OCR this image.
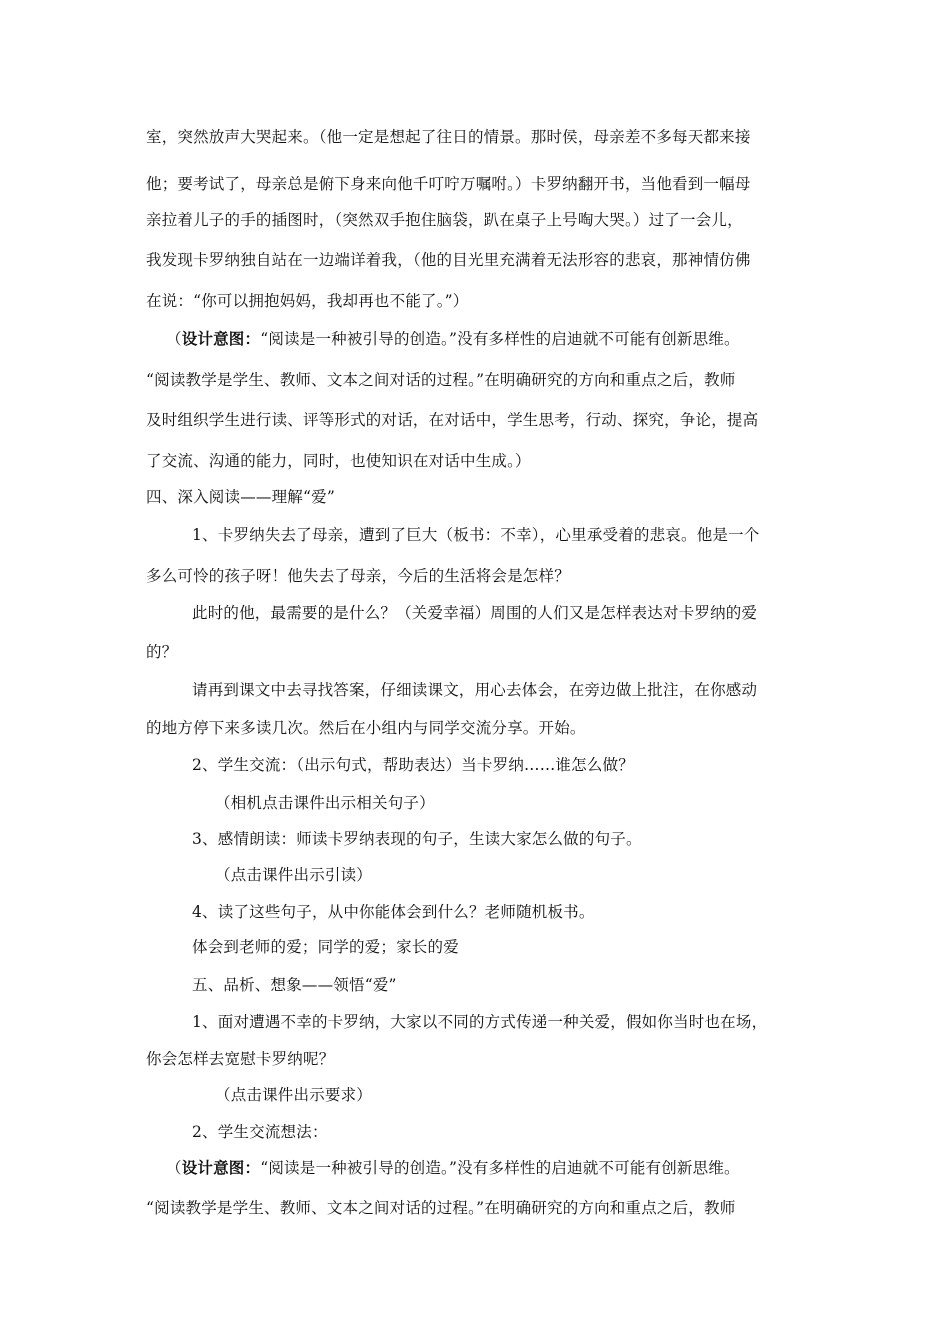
室，突然放声大哭起来。（他一定是想起了往日的情景。那时侯，母亲差不多每天都来接
他；要考试了，母亲总是俯下身来向他千叮咛万嘱咐。）卡罗纳翻开书，当他看到一幅母
亲拉着儿子的手的插图时，（突然双手抱住脑袋，趴在桌子上号啕大哭。）过了一会儿，
我发现卡罗纳独自站在一边端详着我，（他的目光里充满着无法形容的悲哀，那神情仿佛
在说：“你可以拥抱妈妈，我却再也不能了。”）
（设计意图：“阅读是一种被引导的创造。”没有多样性的启迪就不可能有创新思维。
“阅读教学是学生、教师、文本之间对话的过程。”在明确研究的方向和重点之后，教师
及时组织学生进行读、评等形式的对话，在对话中，学生思考，行动、探究，争论，提高
了交流、沟通的能力，同时，也使知识在对话中生成。）
四、深入阅读——理解“爱”
1、卡罗纳失去了母亲，遭到了巨大（板书：不幸），心里承受着的悲哀。他是一个
多么可怜的孩子呀！他失去了母亲，今后的生活将会是怎样？
此时的他，最需要的是什么？（关爱幸福）周围的人们又是怎样表达对卡罗纳的爱
的？
请再到课文中去寻找答案，仔细读课文，用心去体会，在旁边做上批注，在你感动
的地方停下来多读几次。然后在小组内与同学交流分享。开始。
2、学生交流：（出示句式，帮助表达）当卡罗纳……谁怎么做？
（相机点击课件出示相关句子）
3、感情朗读：师读卡罗纳表现的句子，生读大家怎么做的句子。
（点击课件出示引读）
4、读了这些句子，从中你能体会到什么？老师随机板书。
体会到老师的爱；同学的爱；家长的爱
五、品析、想象——领悟“爱”
1、面对遭遇不幸的卡罗纳，大家以不同的方式传递一种关爱，假如你当时也在场，
你会怎样去宽慰卡罗纳呢？
（点击课件出示要求）
2、学生交流想法：
（设计意图：“阅读是一种被引导的创造。”没有多样性的启迪就不可能有创新思维。
“阅读教学是学生、教师、文本之间对话的过程。”在明确研究的方向和重点之后，教师
